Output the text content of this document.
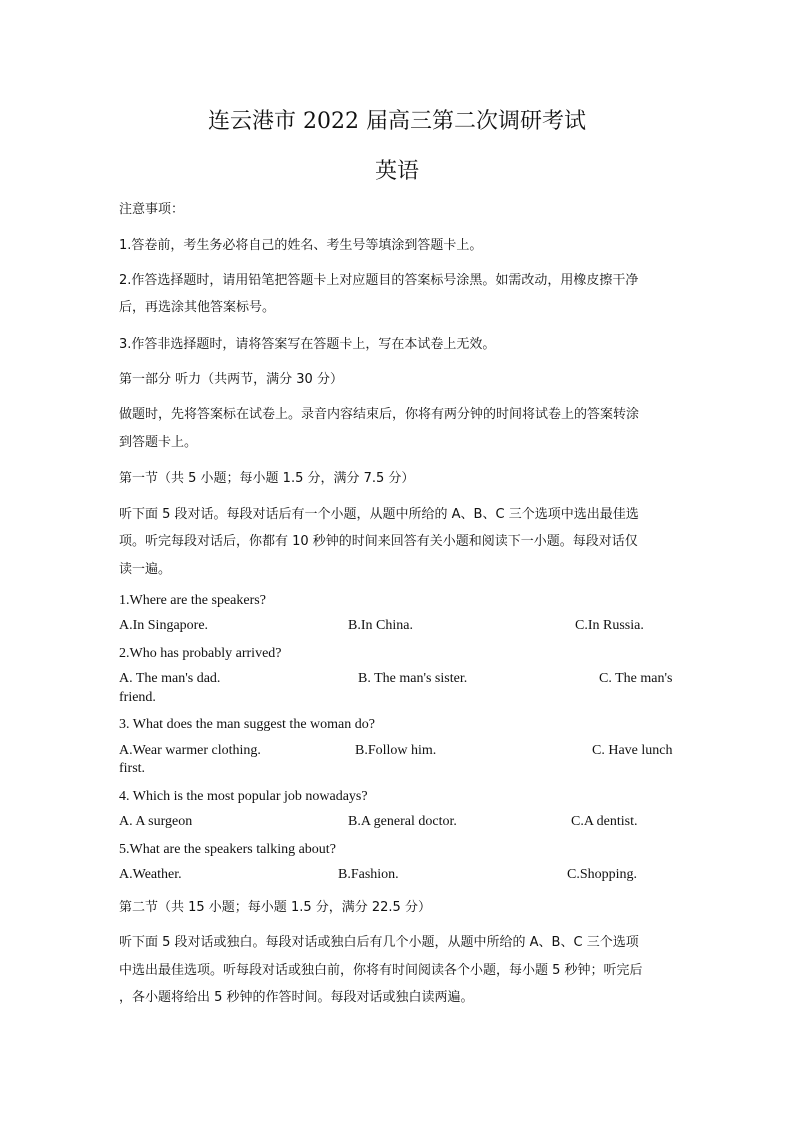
连云港市 2022 届高三第二次调研考试
英语
注意事项：
1.答卷前，考生务必将自己的姓名、考生号等填涂到答题卡上。
2.作答选择题时，请用铅笔把答题卡上对应题目的答案标号涂黑。如需改动，用橡皮擦干净
后，再选涂其他答案标号。
3.作答非选择题时，请将答案写在答题卡上，写在本试卷上无效。
第一部分 听力（共两节，满分 30 分）
做题时，先将答案标在试卷上。录音内容结束后，你将有两分钟的时间将试卷上的答案转涂
到答题卡上。
第一节（共 5 小题；每小题 1.5 分，满分 7.5 分）
听下面 5 段对话。每段对话后有一个小题，从题中所给的 A、B、C 三个选项中选出最佳选
项。听完每段对话后，你都有 10 秒钟的时间来回答有关小题和阅读下一小题。每段对话仅
读一遍。
1.Where are the speakers?
A.In Singapore.	B.In China.	C.In Russia.
2.Who has probably arrived?
A. The man's dad.	B. The man's sister.	C. The man's
friend.
3. What does the man suggest the woman do?
A.Wear warmer clothing.	B.Follow him.	C. Have lunch
first.
4. Which is the most popular job nowadays?
A. A surgeon	B.A general doctor.	C.A dentist.
5.What are the speakers talking about?
A.Weather.	B.Fashion.	C.Shopping.
第二节（共 15 小题；每小题 1.5 分，满分 22.5 分）
听下面 5 段对话或独白。每段对话或独白后有几个小题，从题中所给的 A、B、C 三个选项
中选出最佳选项。听每段对话或独白前，你将有时间阅读各个小题，每小题 5 秒钟；听完后
，各小题将给出 5 秒钟的作答时间。每段对话或独白读两遍。
